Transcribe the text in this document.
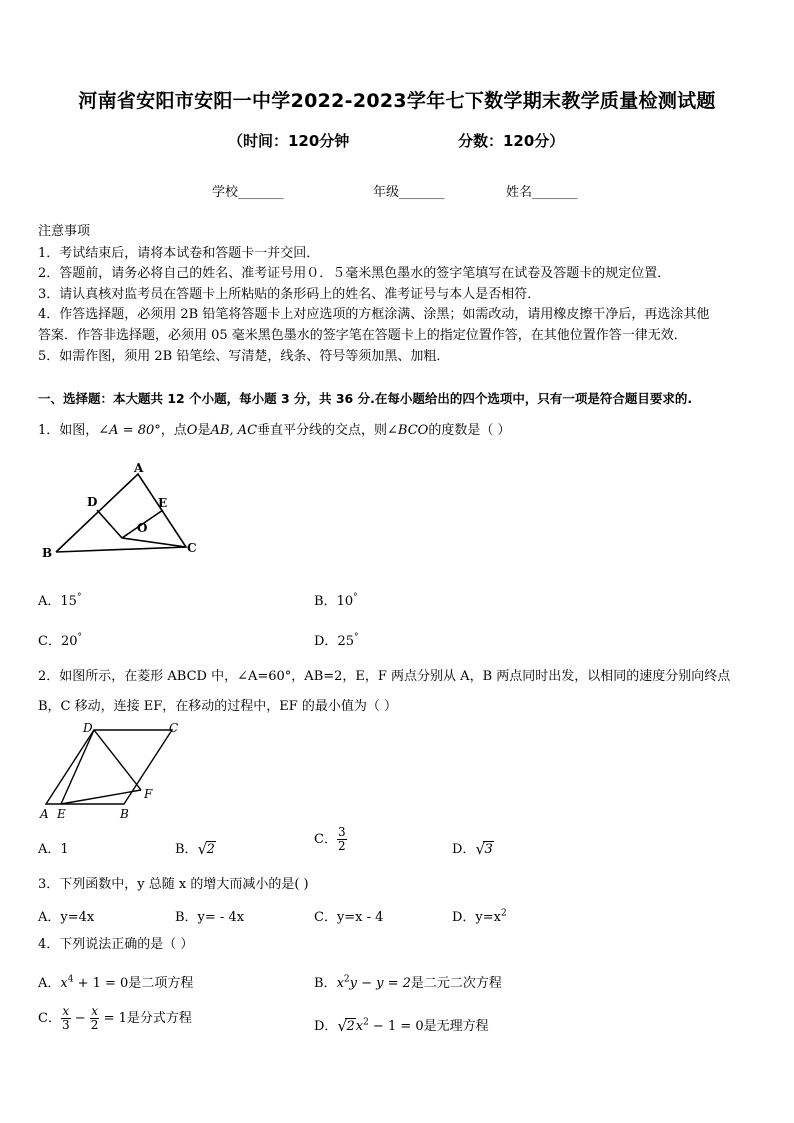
河南省安阳市安阳一中学2022-2023学年七下数学期末教学质量检测试题
（时间：120分钟	分数：120分）
学校_______	年级_______	姓名_______
注意事项
1．考试结束后，请将本试卷和答题卡一并交回．
2．答题前，请务必将自己的姓名、准考证号用０．５毫米黑色墨水的签字笔填写在试卷及答题卡的规定位置．
3．请认真核对监考员在答题卡上所粘贴的条形码上的姓名、准考证号与本人是否相符．
4．作答选择题，必须用 2B 铅笔将答题卡上对应选项的方框涂满、涂黑；如需改动，请用橡皮擦干净后，再选涂其他
答案．作答非选择题，必须用 05 毫米黑色墨水的签字笔在答题卡上的指定位置作答，在其他位置作答一律无效．
5．如需作图，须用 2B 铅笔绘、写清楚，线条、符号等须加黑、加粗．
一、选择题：本大题共 12 个小题，每小题 3 分，共 36 分.在每小题给出的四个选项中，只有一项是符合题目要求的.
1．如图，∠A = 80°，点O是AB, AC垂直平分线的交点，则∠BCO的度数是（ ）
A
B	C
D	E
O
A．15°	B．10°
C．20°	D．25°
2．如图所示，在菱形 ABCD 中，∠A=60°，AB=2，E，F 两点分别从 A，B 两点同时出发，以相同的速度分别向终点
B，C 移动，连接 EF，在移动的过程中，EF 的最小值为（ ）
A E	B
F
D	C
A．1	B． √ 2
C． $\frac{3}{2}$	D． √ 3
3．下列函数中，y 总随 x 的增大而减小的是( )
A．y=4x	B．y= - 4x	C．y=x - 4	D．$y=x^2$
4．下列说法正确的是（ ）
A．$x^4 + 1 = 0$是二项方程	B．$x^2y - y = 2$是二元二次方程
C． $\frac{x}{3} - \frac{x}{2} = 1$是分式方程
D． √ $2x^2 - 1 = 0$是无理方程
